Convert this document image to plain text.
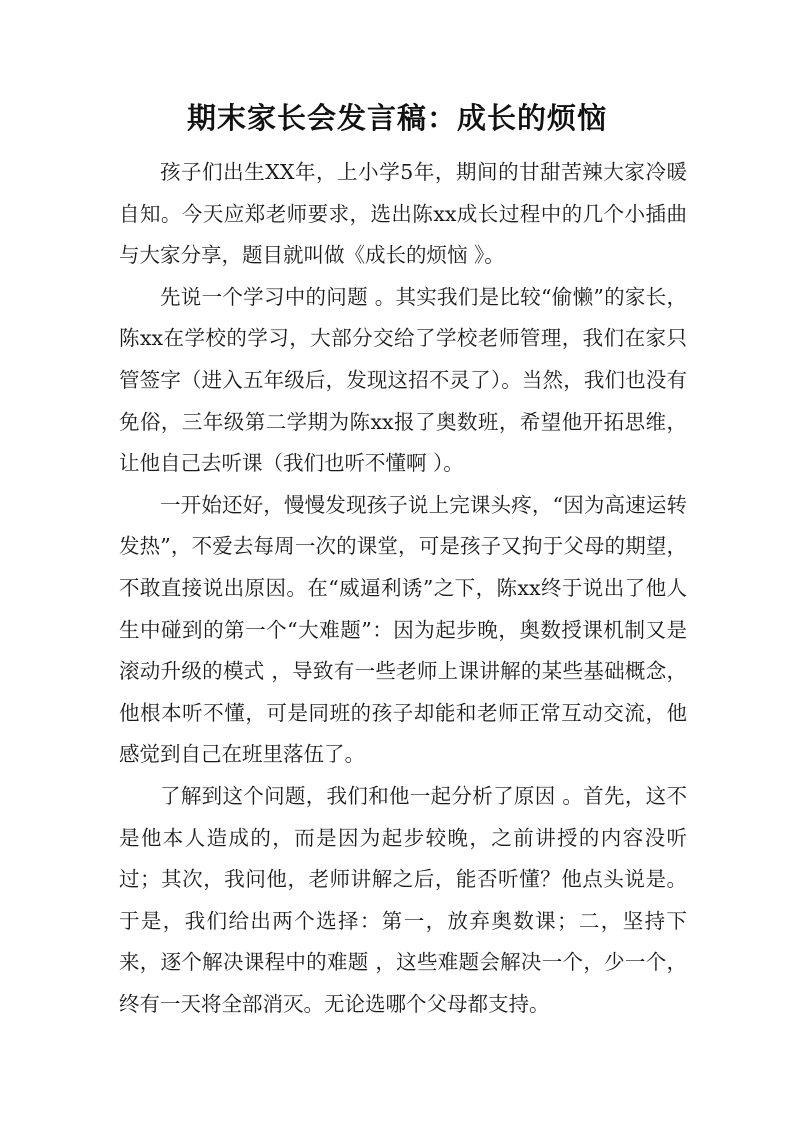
期末家长会发言稿：成长的烦恼

孩子们出生XX年，上小学5年，期间的甘甜苦辣大家冷暖自知。今天应郑老师要求，选出陈xx成长过程中的几个小插曲与大家分享，题目就叫做《成长的烦恼 》。

先说一个学习中的问题 。其实我们是比较“偷懒”的家长，陈xx在学校的学习，大部分交给了学校老师管理，我们在家只管签字（进入五年级后，发现这招不灵了）。当然，我们也没有免俗，三年级第二学期为陈xx报了奥数班，希望他开拓思维，让他自己去听课（我们也听不懂啊 ）。

一开始还好，慢慢发现孩子说上完课头疼，“因为高速运转发热”，不爱去每周一次的课堂，可是孩子又拘于父母的期望，不敢直接说出原因。在“威逼利诱”之下，陈xx终于说出了他人生中碰到的第一个“大难题”：因为起步晚，奥数授课机制又是滚动升级的模式 ，导致有一些老师上课讲解的某些基础概念，他根本听不懂，可是同班的孩子却能和老师正常互动交流，他感觉到自己在班里落伍了。

了解到这个问题，我们和他一起分析了原因 。首先，这不是他本人造成的，而是因为起步较晚，之前讲授的内容没听过；其次，我问他，老师讲解之后，能否听懂？他点头说是。于是，我们给出两个选择：第一，放弃奥数课；二，坚持下来，逐个解决课程中的难题 ，这些难题会解决一个，少一个，终有一天将全部消灭。无论选哪个父母都支持。
